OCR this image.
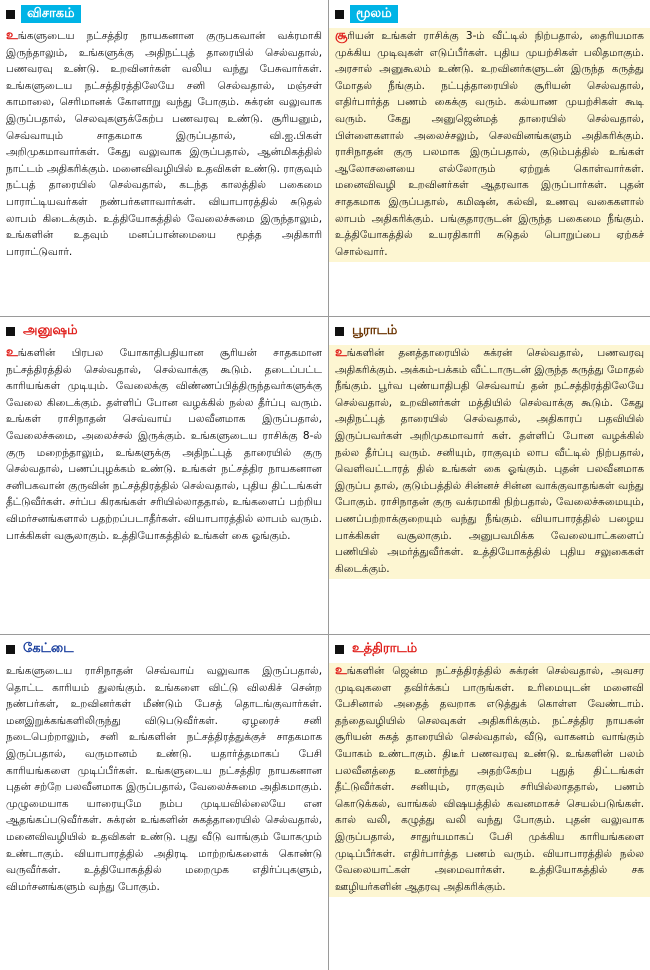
விசாகம்
உங்களுடைய நட்சத்திர நாயகனான குருபகவான் வக்ரமாகி இருந்தாலும், உங்களுக்கு அதிநட்புத் தாரையில் செல்வதால், பணவரவு உண்டு. உறவினர்கள் வலிய வந்து பேசுவார்கள். உங்களுடைய நட்சத்திரத்திலேயே சனி செல்வதால், மஞ்சள் காமாலை, செரிமானக் கோளாறு வந்து போகும். சுக்ரன் வலுவாக இருப்பதால், செலவுகளுக்கேற்ப பணவரவு உண்டு. சூரியனும், செவ்வாயும் சாதகமாக இருப்பதால், வி.ஐ.பிகள் அறிமுகமாவார்கள். கேது வலுவாக இருப்பதால், ஆன்மிகத்தில் நாட்டம் அதிகரிக்கும். மனைவிவழியில் உதவிகள் உண்டு. ராகுவும் நட்புத் தாரையில் செல்வதால், கடந்த காலத்தில் பகைமை பாராட்டியவர்கள் நண்பர்களாவார்கள். வியாபாரத்தில் சுடுதல் லாபம் கிடைக்கும். உத்தியோகத்தில் வேலைச்சுமை இருந்தாலும், உங்களின் உதவும் மனப்பான்மையை மூத்த அதிகாரி பாராட்டுவார்.
மூலம்
சூரியன் உங்கள் ராசிக்கு 3-ம் வீட்டில் நிற்பதால், தைரியமாக முக்கிய முடிவுகள் எடுப்பீர்கள். புதிய முயற்சிகள் பலிதமாகும். அரசால் அனுகூலம் உண்டு. உறவினர்களுடன் இருந்த கருத்து மோதல் நீங்கும். நட்புத்தாரையில் சூரியன் செல்வதால், எதிர்பார்த்த பணம் கைக்கு வரும். கல்யாண முயற்சிகள் கூடி வரும். கேது அனுஜென்மத் தாரையில் செல்வதால், பிள்ளைகளால் அலைச்சலும், செலவினங்களும் அதிகரிக்கும். ராசிநாதன் குரு பலமாக இருப்பதால், குடும்பத்தில் உங்கள் ஆலோசனையை எல்லோரும் ஏற்றுக் கொள்வார்கள். மனைவிவழி உறவினர்கள் ஆதரவாக இருப்பார்கள். புதன் சாதகமாக இருப்பதால், கமிஷன், கல்வி, உணவு வகைகளால் லாபம் அதிகரிக்கும். பங்குதாரருடன் இருந்த பகைமை நீங்கும். உத்தியோகத்தில் உயரதிகாரி சுடுதல் பொறுப்பை ஏற்கச் சொல்வார்.
அனுஷம்
உங்களின் பிரபல யோகாதிபதியான சூரியன் சாதகமான நட்சத்திரத்தில் செல்வதால், செல்வாக்கு கூடும். தடைப்பட்ட காரியங்கள் முடியும். வேலைக்கு விண்ணப்பித்திருந்தவர்களுக்கு வேலை கிடைக்கும். தள்ளிப் போன வழக்கில் நல்ல தீர்ப்பு வரும். உங்கள் ராசிநாதன் செவ்வாய் பலவீனமாக இருப்பதால், வேலைச்சுமை, அலைச்சல் இருக்கும். உங்களுடைய ராசிக்கு 8-ல் குரு மறைந்தாலும், உங்களுக்கு அதிநட்புத் தாரையில் குரு செல்வதால், பணப்புழக்கம் உண்டு. உங்கள் நட்சத்திர நாயகனான சனிபகவான் குருவின் நட்சத்திரத்தில் செல்வதால், புதிய திட்டங்கள் தீட்டுவீர்கள். சர்ப்ப கிரகங்கள் சரியில்லாததால், உங்களைப் பற்றிய விமர்சனங்களால் பதற்றப்படாதீர்கள். வியாபாரத்தில் லாபம் வரும். பாக்கிகள் வசூலாகும். உத்தியோகத்தில் உங்கள் கை ஓங்கும்.
பூராடம்
உங்களின் தனத்தாரையில் சுக்ரன் செல்வதால், பணவரவு அதிகரிக்கும். அக்கம்-பக்கம் வீட்டாருடன் இருந்த கருத்து மோதல் நீங்கும். பூர்வ புண்யாதிபதி செவ்வாய் தன் நட்சத்திரத்திலேயே செல்வதால், உறவினர்கள் மத்தியில் செல்வாக்கு கூடும். கேது அதிநட்புத் தாரையில் செல்வதால், அதிகாரப் பதவியில் இருப்பவர்கள் அறிமுகமாவார் கள். தள்ளிப் போன வழக்கில் நல்ல தீர்ப்பு வரும். சனியும், ராகுவும் லாப வீட்டில் நிற்பதால், வெளிவட்டாரத் தில் உங்கள் கை ஓங்கும். புதன் பலவீனமாக இருப்ப தால், குடும்பத்தில் சின்னச் சின்ன வாக்குவாதங்கள் வந்து போகும். ராசிநாதன் குரு வக்ரமாகி நிற்பதால், வேலைச்சுமையும், பணப்பற்றாக்குறையும் வந்து நீங்கும். வியாபாரத்தில் பழைய பாக்கிகள் வசூலாகும். அனுபவமிக்க வேலையாட்களைப் பணியில் அமர்த்துவீர்கள். உத்தியோகத்தில் புதிய சலுகைகள் கிடைக்கும்.
கேட்டை
உங்களுடைய ராசிநாதன் செவ்வாய் வலுவாக இருப்பதால், தொட்ட காரியம் துலங்கும். உங்களை விட்டு விலகிச் சென்ற நண்பர்கள், உறவினர்கள் மீண்டும் பேசத் தொடங்குவார்கள். மனஇறுக்கங்களிலிருந்து விடுபடுவீர்கள். ஏழரைச் சனி நடைபெற்றாலும், சனி உங்களின் நட்சத்திரத்துக்குச் சாதகமாக இருப்பதால், வருமானம் உண்டு. யதார்த்தமாகப் பேசி காரியங்களை முடிப்பீர்கள். உங்களுடைய நட்சத்திர நாயகனான புதன் சற்றே பலவீனமாக இருப்பதால், வேலைச்சுமை அதிகமாகும். முழுமையாக யாரையுமே நம்ப முடியவில்லையே என ஆதங்கப்படுவீர்கள். சுக்ரன் உங்களின் சுகத்தாரையில் செல்வதால், மனைவிவழியில் உதவிகள் உண்டு. புது வீடு வாங்கும் யோகமும் உண்டாகும். வியாபாரத்தில் அதிரடி மாற்றங்களைக் கொண்டு வருவீர்கள். உத்தியோகத்தில் மறைமுக எதிர்ப்புகளும், விமர்சனங்களும் வந்து போகும்.
உத்திராடம்
உங்களின் ஜென்ம நட்சத்திரத்தில் சுக்ரன் செல்வதால், அவசர முடிவுகளை தவிர்க்கப் பாருங்கள். உரிமையுடன் மனைவி பேசினால் அதைத் தவறாக எடுத்துக் கொள்ள வேண்டாம். தந்தைவழியில் செலவுகள் அதிகரிக்கும். நட்சத்திர நாயகன் சூரியன் சுகத் தாரையில் செல்வதால், வீடு, வாகனம் வாங்கும் யோகம் உண்டாகும். திடீர் பணவரவு உண்டு. உங்களின் பலம் பலவீனத்தை உணர்ந்து அதற்கேற்ப புதுத் திட்டங்கள் தீட்டுவீர்கள். சனியும், ராகுவும் சரியில்லாததால், பணம் கொடுக்கல், வாங்கல் விஷயத்தில் கவனமாகச் செயல்படுங்கள். கால் வலி, கழுத்து வலி வந்து போகும். புதன் வலுவாக இருப்பதால், சாதுர்யமாகப் பேசி முக்கிய காரியங்களை முடிப்பீர்கள். எதிர்பார்த்த பணம் வரும். வியாபாரத்தில் நல்ல வேலையாட்கள் அமைவார்கள். உத்தியோகத்தில் சக ஊழியர்களின் ஆதரவு அதிகரிக்கும்.
